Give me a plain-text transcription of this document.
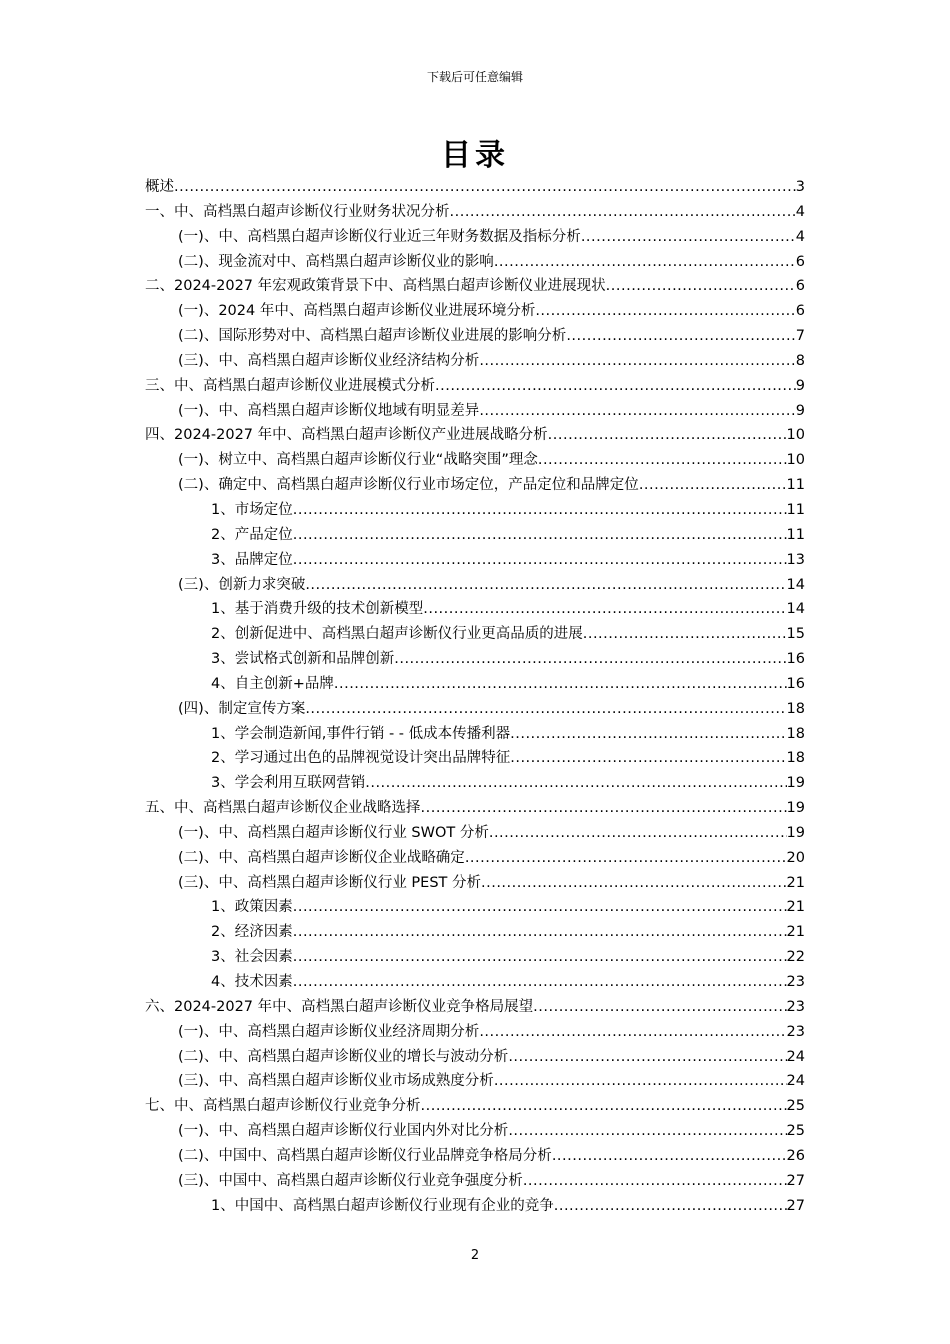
下载后可任意编辑
目录
概述 .....	3
一、中、高档黑白超声诊断仪行业财务状况分析 .....	4
(一)、中、高档黑白超声诊断仪行业近三年财务数据及指标分析 .....	4
(二)、现金流对中、高档黑白超声诊断仪业的影响 .....	6
二、2024-2027 年宏观政策背景下中、高档黑白超声诊断仪业进展现状 .....	6
(一)、2024 年中、高档黑白超声诊断仪业进展环境分析 .....	6
(二)、国际形势对中、高档黑白超声诊断仪业进展的影响分析 .....	7
(三)、中、高档黑白超声诊断仪业经济结构分析 .....	8
三、中、高档黑白超声诊断仪业进展模式分析 .....	9
(一)、中、高档黑白超声诊断仪地域有明显差异 .....	9
四、2024-2027 年中、高档黑白超声诊断仪产业进展战略分析 .....	10
(一)、树立中、高档黑白超声诊断仪行业“战略突围”理念 .....	10
(二)、确定中、高档黑白超声诊断仪行业市场定位，产品定位和品牌定位 .....	11
1、市场定位 .....	11
2、产品定位 .....	11
3、品牌定位 .....	13
(三)、创新力求突破 .....	14
1、基于消费升级的技术创新模型 .....	14
2、创新促进中、高档黑白超声诊断仪行业更高品质的进展 .....	15
3、尝试格式创新和品牌创新 .....	16
4、自主创新+品牌 .....	16
(四)、制定宣传方案 .....	18
1、学会制造新闻,事件行销 - - 低成本传播利器 .....	18
2、学习通过出色的品牌视觉设计突出品牌特征 .....	18
3、学会利用互联网营销 .....	19
五、中、高档黑白超声诊断仪企业战略选择 .....	19
(一)、中、高档黑白超声诊断仪行业 SWOT 分析 .....	19
(二)、中、高档黑白超声诊断仪企业战略确定 .....	20
(三)、中、高档黑白超声诊断仪行业 PEST 分析 .....	21
1、政策因素 .....	21
2、经济因素 .....	21
3、社会因素 .....	22
4、技术因素 .....	23
六、2024-2027 年中、高档黑白超声诊断仪业竞争格局展望 .....	23
(一)、中、高档黑白超声诊断仪业经济周期分析 .....	23
(二)、中、高档黑白超声诊断仪业的增长与波动分析 .....	24
(三)、中、高档黑白超声诊断仪业市场成熟度分析 .....	24
七、中、高档黑白超声诊断仪行业竞争分析 .....	25
(一)、中、高档黑白超声诊断仪行业国内外对比分析 .....	25
(二)、中国中、高档黑白超声诊断仪行业品牌竞争格局分析 .....	26
(三)、中国中、高档黑白超声诊断仪行业竞争强度分析 .....	27
1、中国中、高档黑白超声诊断仪行业现有企业的竞争 .....	27
2
